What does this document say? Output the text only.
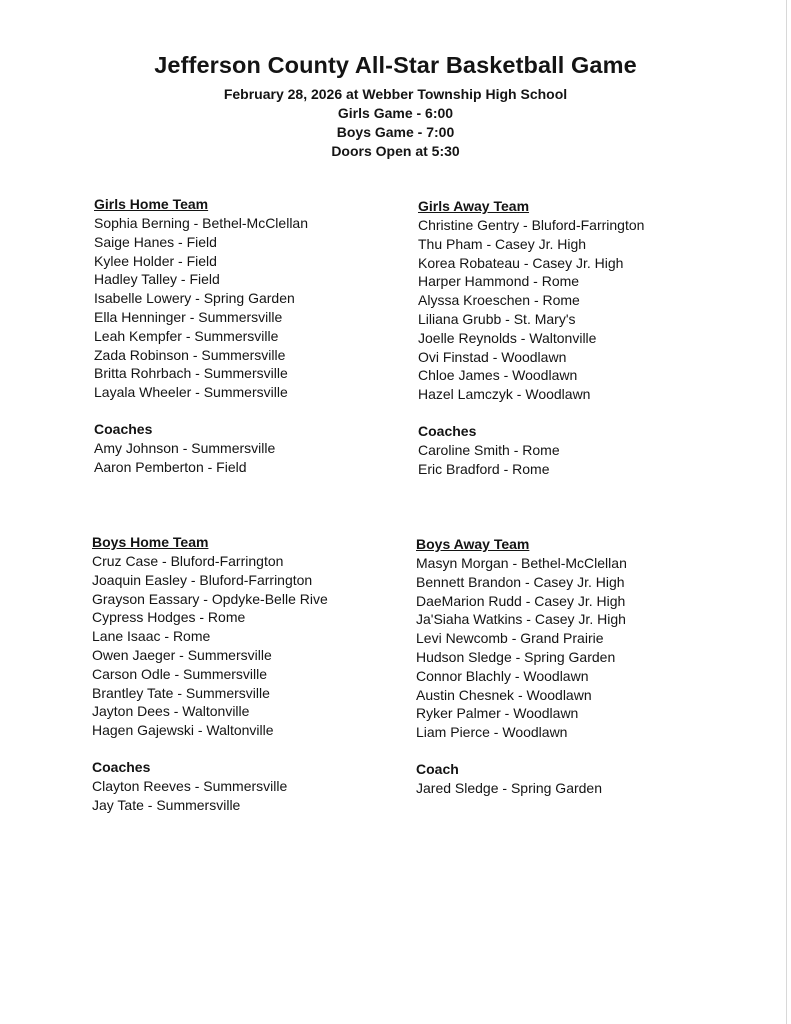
Jefferson County All-Star Basketball Game
February 28, 2026 at Webber Township High School
Girls Game - 6:00
Boys Game - 7:00
Doors Open at 5:30
Girls Home Team
Sophia Berning - Bethel-McClellan
Saige Hanes - Field
Kylee Holder - Field
Hadley Talley - Field
Isabelle Lowery - Spring Garden
Ella Henninger - Summersville
Leah Kempfer - Summersville
Zada Robinson - Summersville
Britta Rohrbach - Summersville
Layala Wheeler - Summersville
Coaches
Amy Johnson - Summersville
Aaron Pemberton - Field
Girls Away Team
Christine Gentry - Bluford-Farrington
Thu Pham - Casey Jr. High
Korea Robateau - Casey Jr. High
Harper Hammond - Rome
Alyssa Kroeschen - Rome
Liliana Grubb - St. Mary's
Joelle Reynolds - Waltonville
Ovi Finstad - Woodlawn
Chloe James - Woodlawn
Hazel Lamczyk - Woodlawn
Coaches
Caroline Smith - Rome
Eric Bradford - Rome
Boys Home Team
Cruz Case - Bluford-Farrington
Joaquin Easley - Bluford-Farrington
Grayson Eassary - Opdyke-Belle Rive
Cypress Hodges - Rome
Lane Isaac - Rome
Owen Jaeger - Summersville
Carson Odle - Summersville
Brantley Tate - Summersville
Jayton Dees - Waltonville
Hagen Gajewski - Waltonville
Coaches
Clayton Reeves - Summersville
Jay Tate - Summersville
Boys Away Team
Masyn Morgan - Bethel-McClellan
Bennett Brandon - Casey Jr. High
DaeMarion Rudd - Casey Jr. High
Ja'Siaha Watkins - Casey Jr. High
Levi Newcomb - Grand Prairie
Hudson Sledge - Spring Garden
Connor Blachly - Woodlawn
Austin Chesnek - Woodlawn
Ryker Palmer - Woodlawn
Liam Pierce - Woodlawn
Coach
Jared Sledge - Spring Garden
